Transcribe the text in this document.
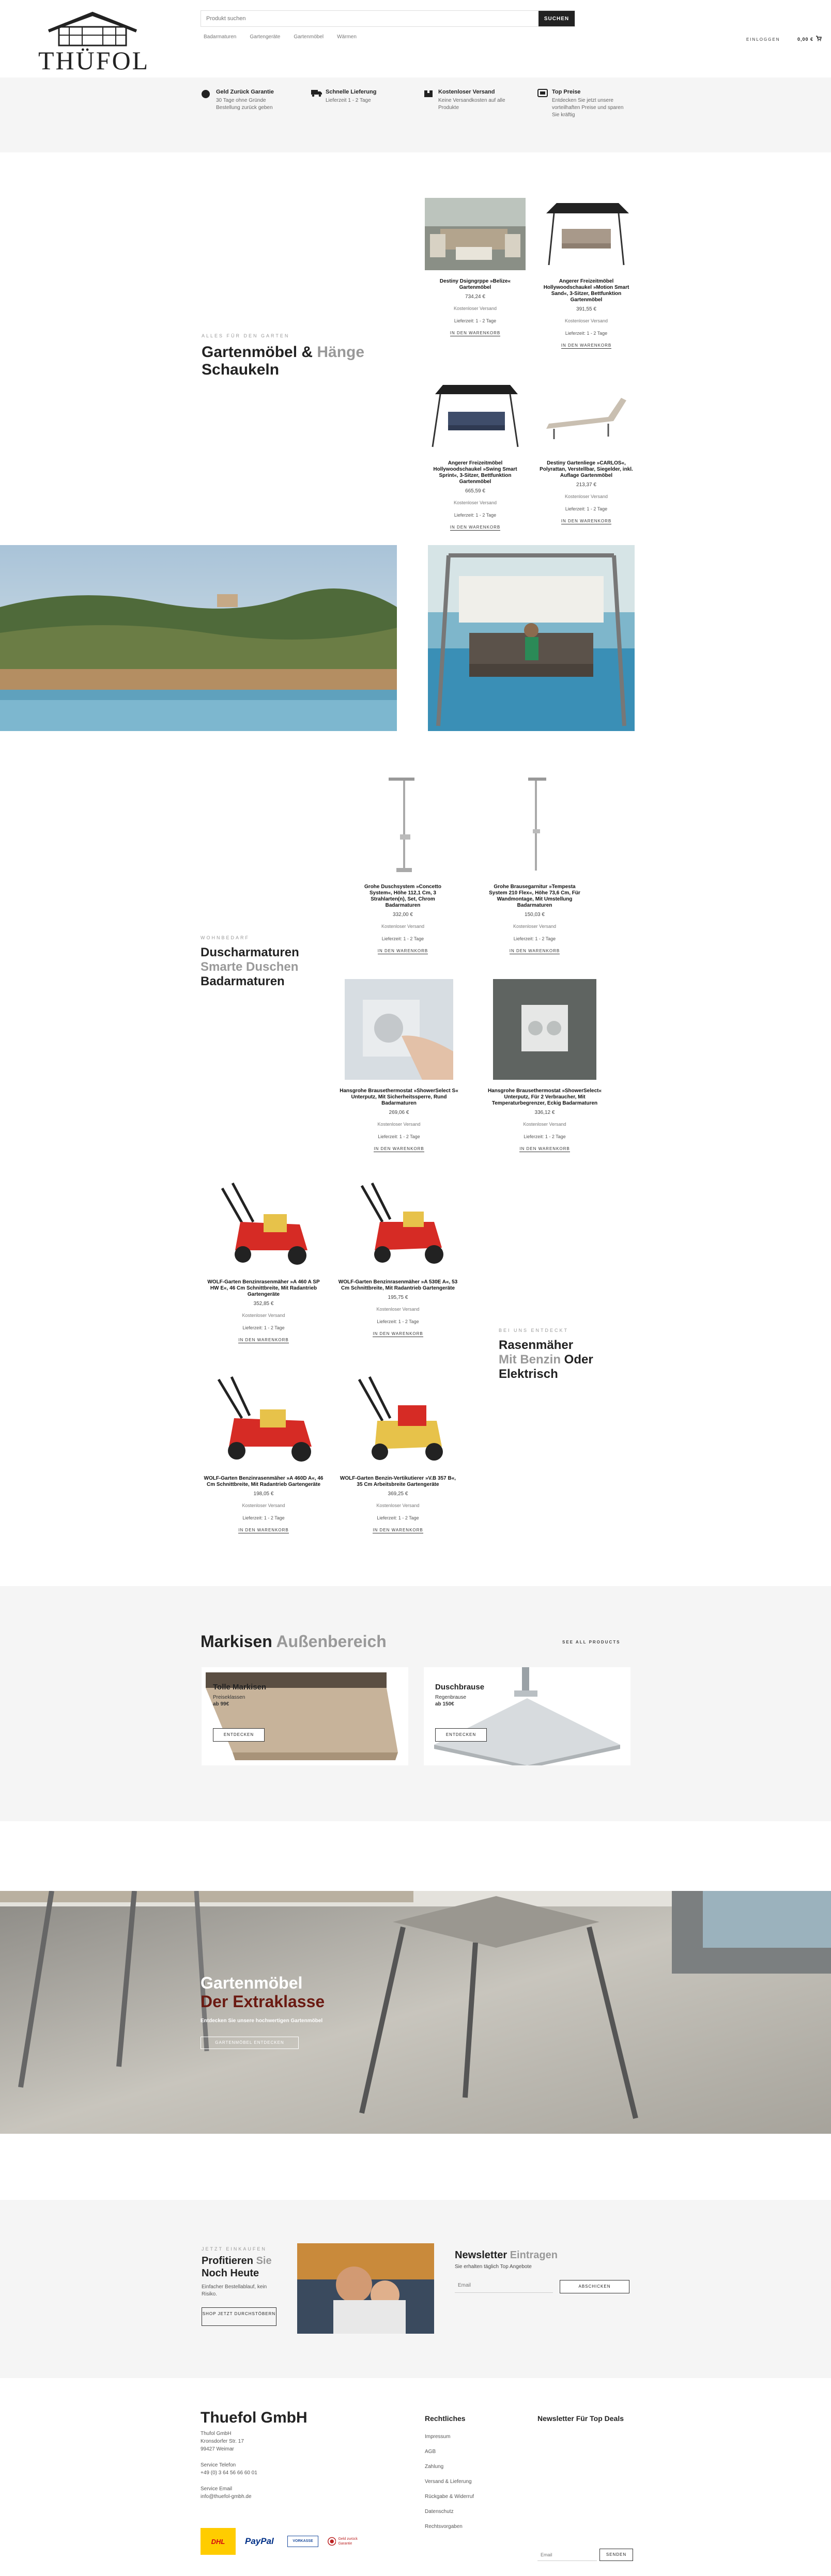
THÜFOL
Produkt suchen
SUCHEN
Badarmaturen	Gartengeräte	Gartenmöbel	Wärmen	EINLOGGEN	0,00 €
Geld Zurück Garantie
30 Tage ohne Gründe Bestellung zurück geben
Schnelle Lieferung
Lieferzeit 1 - 2 Tage
Kostenloser Versand
Keine Versandkosten auf alle Produkte
Top Preise
Entdecken Sie jetzt unsere vorteilhaften Preise und sparen Sie kräftig
ALLES FÜR DEN GARTEN
Gartenmöbel & Hänge
Schaukeln
Destiny Dsigngrppe »Belize« Gartenmöbel
734,24 €
Kostenloser Versand
Lieferzeit: 1 - 2 Tage
IN DEN WARENKORB
Angerer Freizeitmöbel Hollywoodschaukel »Motion Smart Sand«, 3-Sitzer, Bettfunktion Gartenmöbel
391,55 €
Kostenloser Versand
Lieferzeit: 1 - 2 Tage
IN DEN WARENKORB
Angerer Freizeitmöbel Hollywoodschaukel »Swing Smart Sprint«, 3-Sitzer, Bettfunktion Gartenmöbel
665,59 €
Kostenloser Versand
Lieferzeit: 1 - 2 Tage
IN DEN WARENKORB
Destiny Gartenliege »CARLOS«, Polyrattan, Verstellbar, Siegelder, inkl. Auflage Gartenmöbel
213,37 €
Kostenloser Versand
Lieferzeit: 1 - 2 Tage
IN DEN WARENKORB
Grohe Duschsystem »Concetto System«, Höhe 112,1 Cm, 3 Strahlarten(n), Set, Chrom Badarmaturen
332,00 €
Kostenloser Versand
Lieferzeit: 1 - 2 Tage
IN DEN WARENKORB
Grohe Brausegarnitur »Tempesta System 210 Flex«, Höhe 73,6 Cm, Für Wandmontage, Mit Umstellung Badarmaturen
150,03 €
Kostenloser Versand
Lieferzeit: 1 - 2 Tage
IN DEN WARENKORB
Hansgrohe Brausethermostat »ShowerSelect S« Unterputz, Mit Sicherheitssperre, Rund Badarmaturen
269,06 €
Kostenloser Versand
Lieferzeit: 1 - 2 Tage
IN DEN WARENKORB
Hansgrohe Brausethermostat »ShowerSelect« Unterputz, Für 2 Verbraucher, Mit Temperaturbegrenzer, Eckig Badarmaturen
336,12 €
Kostenloser Versand
Lieferzeit: 1 - 2 Tage
IN DEN WARENKORB
WOHNBEDARF
Duscharmaturen
Smarte Duschen
Badarmaturen
WOLF-Garten Benzinrasenmäher »A 460 A SP HW E«, 46 Cm Schnittbreite, Mit Radantrieb Gartengeräte
352,85 €
Kostenloser Versand
Lieferzeit: 1 - 2 Tage
IN DEN WARENKORB
WOLF-Garten Benzinrasenmäher »A 530E A«, 53 Cm Schnittbreite, Mit Radantrieb Gartengeräte
195,75 €
Kostenloser Versand
Lieferzeit: 1 - 2 Tage
IN DEN WARENKORB
WOLF-Garten Benzinrasenmäher »A 460D A«, 46 Cm Schnittbreite, Mit Radantrieb Gartengeräte
198,05 €
Kostenloser Versand
Lieferzeit: 1 - 2 Tage
IN DEN WARENKORB
WOLF-Garten Benzin-Vertikutierer »V.B 357 B«, 35 Cm Arbeitsbreite Gartengeräte
369,25 €
Kostenloser Versand
Lieferzeit: 1 - 2 Tage
IN DEN WARENKORB
BEI UNS ENTDECKT
Rasenmäher
Mit Benzin Oder
Elektrisch
Markisen Außenbereich	SEE ALL PRODUCTS
Tolle Markisen
Preiseklassen
ab 99€
ENTDECKEN
Duschbrause
Regenbrause
ab 150€
ENTDECKEN
Gartenmöbel
Der Extraklasse
Entdecken Sie unsere hochwertigen Gartenmöbel
GARTENMÖBEL ENTDECKEN
JETZT EINKAUFEN
Profitieren Sie
Noch Heute
Einfacher Bestellablauf, kein Risiko.
SHOP JETZT DURCHSTÖBERN
Newsletter Eintragen
Sie erhalten täglich Top Angebote
Email
ABSCHICKEN
Thuefol GmbH
Thufol GmbH
Kronsdorfer Str. 17
99427 Weimar
Service Telefon
+49 (0) 3 64 56 66 60 01
Service Email
info@thuefol-gmbh.de
DHL	PayPal	VORKASSE
Geld zurück Garantie
Rechtliches
Impressum
AGB
Zahlung
Versand & Lieferung
Rückgabe & Widerruf
Datenschutz
Rechtsvorgaben
Newsletter Für Top Deals
Email
SENDEN
